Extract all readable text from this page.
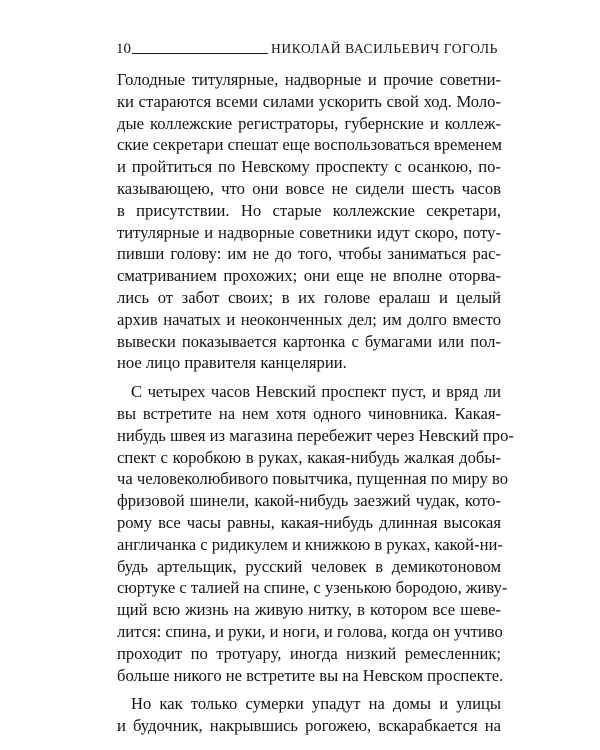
10	НИКОЛАЙ ВАСИЛЬЕВИЧ ГОГОЛЬ
Голодные титулярные, надворные и прочие советни-
ки стараются всеми силами ускорить свой ход. Моло-
дые коллежские регистраторы, губернские и коллеж-
ские секретари спешат еще воспользоваться временем
и пройтиться по Невскому проспекту с осанкою, по-
казывающею, что они вовсе не сидели шесть часов
в присутствии. Но старые коллежские секретари,
титулярные и надворные советники идут скоро, поту-
пивши голову: им не до того, чтобы заниматься рас-
сматриванием прохожих; они еще не вполне оторва-
лись от забот своих; в их голове ералаш и целый
архив начатых и неоконченных дел; им долго вместо
вывески показывается картонка с бумагами или пол-
ное лицо правителя канцелярии.
С четырех часов Невский проспект пуст, и вряд ли
вы встретите на нем хотя одного чиновника. Какая-
нибудь швея из магазина перебежит через Невский про-
спект с коробкою в руках, какая-нибудь жалкая добы-
ча человеколюбивого повытчика, пущенная по миру во
фризовой шинели, какой-нибудь заезжий чудак, кото-
рому все часы равны, какая-нибудь длинная высокая
англичанка с ридикулем и книжкою в руках, какой-ни-
будь артельщик, русский человек в демикотоновом
сюртуке с талией на спине, с узенькою бородою, живу-
щий всю жизнь на живую нитку, в котором все шеве-
лится: спина, и руки, и ноги, и голова, когда он учтиво
проходит по тротуару, иногда низкий ремесленник;
больше никого не встретите вы на Невском проспекте.
Но как только сумерки упадут на домы и улицы
и будочник, накрывшись рогожею, вскарабкается на
